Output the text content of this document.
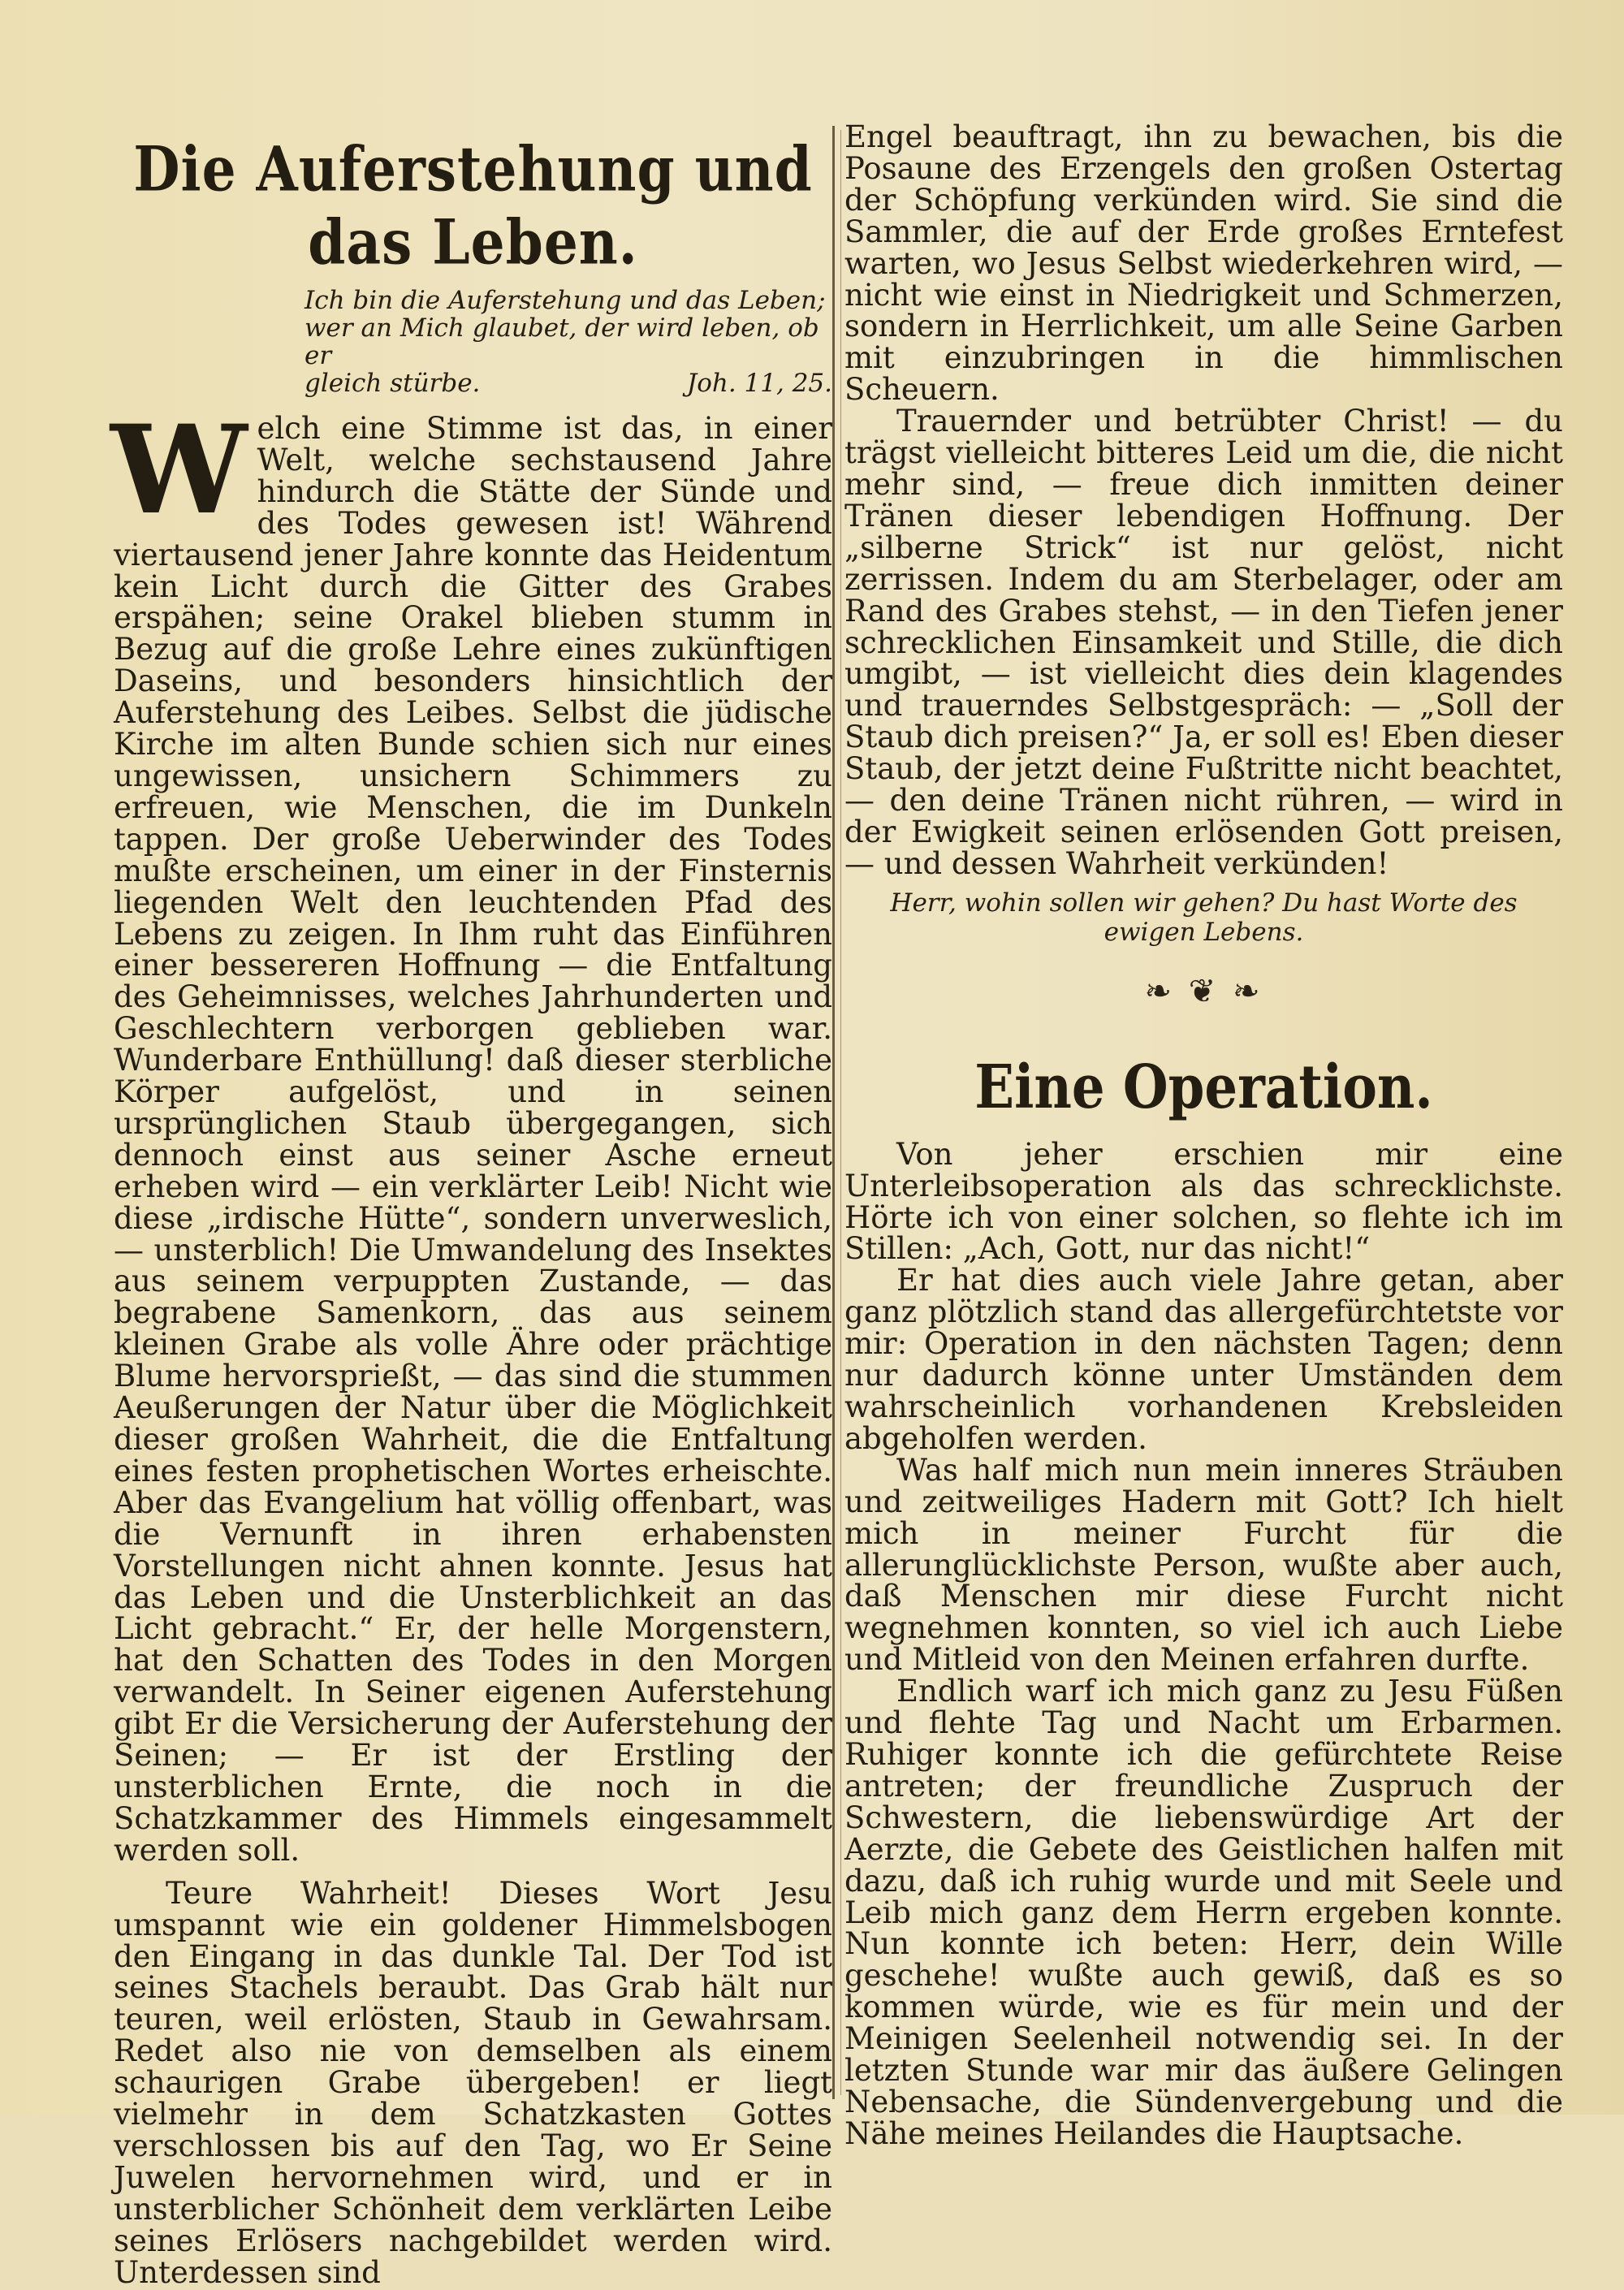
Die Auferstehung und das Leben.

Ich bin die Auferstehung und das Leben;

wer an Mich glaubet, der wird leben, ob er

gleich stürbe.	Joh. 11, 25.

Welch eine Stimme ist das, in einer Welt, welche sechstausend Jahre hindurch die Stätte der Sünde und des Todes gewesen ist! Während viertausend jener Jahre konnte das Heidentum kein Licht durch die Gitter des Grabes erspähen; seine Orakel blieben stumm in Bezug auf die große Lehre eines zukünftigen Daseins, und besonders hinsichtlich der Auferstehung des Leibes. Selbst die jüdische Kirche im alten Bunde schien sich nur eines ungewissen, unsichern Schimmers zu erfreuen, wie Menschen, die im Dunkeln tappen. Der große Ueberwinder des Todes mußte erscheinen, um einer in der Finsternis liegenden Welt den leuchtenden Pfad des Lebens zu zeigen. In Ihm ruht das Einführen einer bessereren Hoffnung — die Entfaltung des Geheimnisses, welches Jahrhunderten und Geschlechtern verborgen geblieben war. Wunderbare Enthüllung! daß dieser sterbliche Körper aufgelöst, und in seinen ursprünglichen Staub übergegangen, sich dennoch einst aus seiner Asche erneut erheben wird — ein verklärter Leib! Nicht wie diese „irdische Hütte“, sondern unverweslich, — unsterblich! Die Umwandelung des Insektes aus seinem verpuppten Zustande, — das begrabene Samenkorn, das aus seinem kleinen Grabe als volle Ähre oder prächtige Blume hervorsprießt, — das sind die stummen Aeußerungen der Natur über die Möglichkeit dieser großen Wahrheit, die die Entfaltung eines festen prophetischen Wortes erheischte. Aber das Evangelium hat völlig offenbart, was die Vernunft in ihren erhabensten Vorstellungen nicht ahnen konnte. Jesus hat das Leben und die Unsterblichkeit an das Licht gebracht.“ Er, der helle Morgenstern, hat den Schatten des Todes in den Morgen verwandelt. In Seiner eigenen Auferstehung gibt Er die Versicherung der Auferstehung der Seinen; — Er ist der Erstling der unsterblichen Ernte, die noch in die Schatzkammer des Himmels eingesammelt werden soll.

Teure Wahrheit! Dieses Wort Jesu umspannt wie ein goldener Himmelsbogen den Eingang in das dunkle Tal. Der Tod ist seines Stachels beraubt. Das Grab hält nur teuren, weil erlösten, Staub in Gewahrsam. Redet also nie von demselben als einem schaurigen Grabe übergeben! er liegt vielmehr in dem Schatzkasten Gottes verschlossen bis auf den Tag, wo Er Seine Juwelen hervornehmen wird, und er in unsterblicher Schönheit dem verklärten Leibe seines Erlösers nachgebildet werden wird. Unterdessen sind

Engel beauftragt, ihn zu bewachen, bis die Posaune des Erzengels den großen Ostertag der Schöpfung verkünden wird. Sie sind die Sammler, die auf der Erde großes Erntefest warten, wo Jesus Selbst wiederkehren wird, — nicht wie einst in Niedrigkeit und Schmerzen, sondern in Herrlichkeit, um alle Seine Garben mit einzubringen in die himmlischen Scheuern.

Trauernder und betrübter Christ! — du trägst vielleicht bitteres Leid um die, die nicht mehr sind, — freue dich inmitten deiner Tränen dieser lebendigen Hoffnung. Der „silberne Strick“ ist nur gelöst, nicht zerrissen. Indem du am Sterbelager, oder am Rand des Grabes stehst, — in den Tiefen jener schrecklichen Einsamkeit und Stille, die dich umgibt, — ist vielleicht dies dein klagendes und trauerndes Selbstgespräch: — „Soll der Staub dich preisen?“ Ja, er soll es! Eben dieser Staub, der jetzt deine Fußtritte nicht beachtet, — den deine Tränen nicht rühren, — wird in der Ewigkeit seinen erlösenden Gott preisen, — und dessen Wahrheit verkünden!

Herr, wohin sollen wir gehen? Du hast Worte des ewigen Lebens.

❧ ❦ ❧
Eine Operation.

Von jeher erschien mir eine Unterleibsoperation als das schrecklichste. Hörte ich von einer solchen, so flehte ich im Stillen: „Ach, Gott, nur das nicht!“

Er hat dies auch viele Jahre getan, aber ganz plötzlich stand das allergefürchtetste vor mir: Operation in den nächsten Tagen; denn nur dadurch könne unter Umständen dem wahrscheinlich vorhandenen Krebsleiden abgeholfen werden.

Was half mich nun mein inneres Sträuben und zeitweiliges Hadern mit Gott? Ich hielt mich in meiner Furcht für die allerunglücklichste Person, wußte aber auch, daß Menschen mir diese Furcht nicht wegnehmen konnten, so viel ich auch Liebe und Mitleid von den Meinen erfahren durfte.

Endlich warf ich mich ganz zu Jesu Füßen und flehte Tag und Nacht um Erbarmen. Ruhiger konnte ich die gefürchtete Reise antreten; der freundliche Zuspruch der Schwestern, die liebenswürdige Art der Aerzte, die Gebete des Geistlichen halfen mit dazu, daß ich ruhig wurde und mit Seele und Leib mich ganz dem Herrn ergeben konnte. Nun konnte ich beten: Herr, dein Wille geschehe! wußte auch gewiß, daß es so kommen würde, wie es für mein und der Meinigen Seelenheil notwendig sei. In der letzten Stunde war mir das äußere Gelingen Nebensache, die Sündenvergebung und die Nähe meines Heilandes die Hauptsache.
